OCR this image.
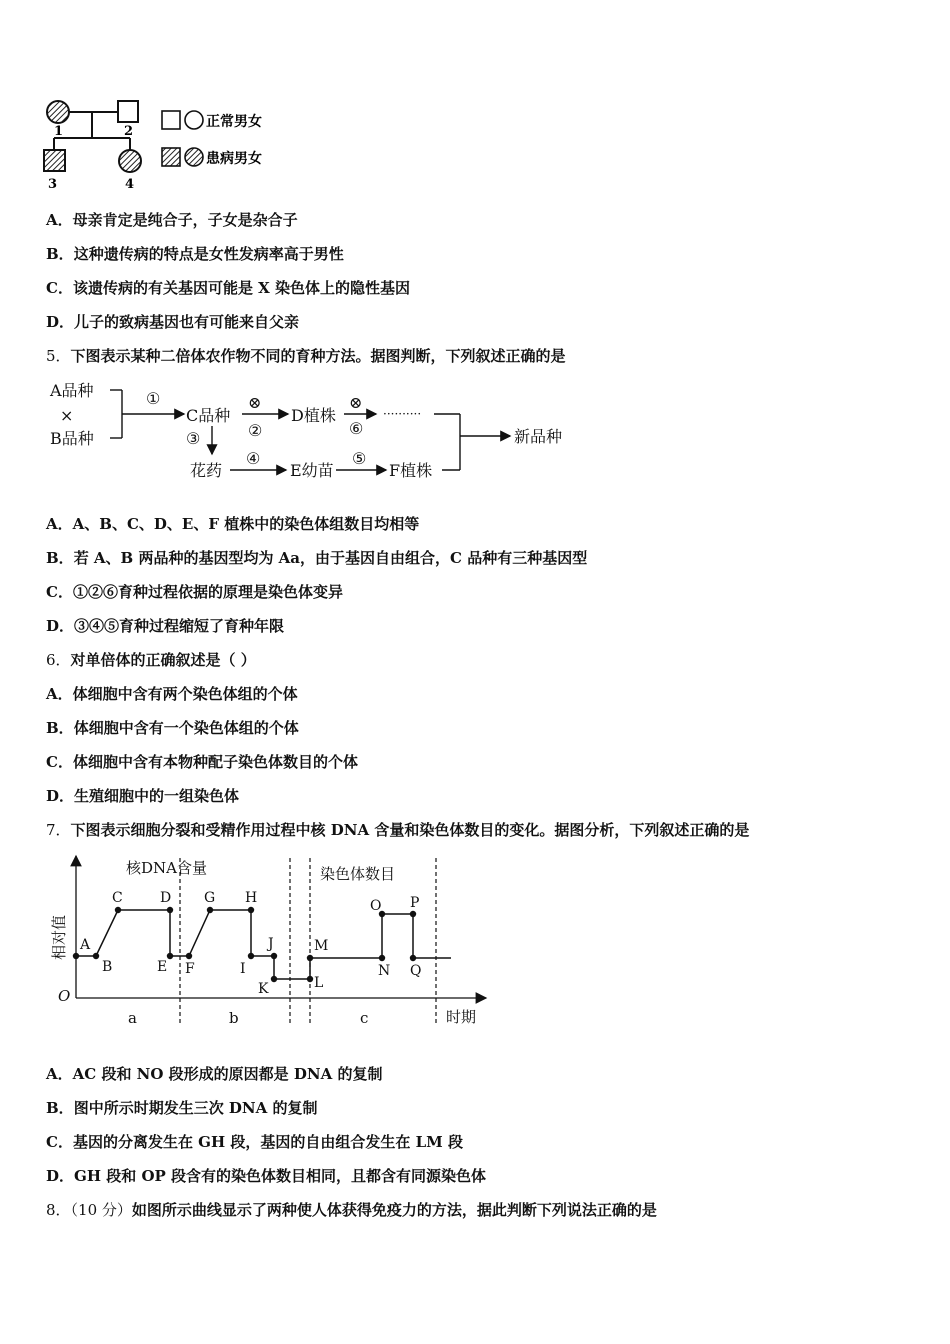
1	2
3	4
正常男女
患病男女
A．母亲肯定是纯合子，子女是杂合子
B．这种遗传病的特点是女性发病率高于男性
C．该遗传病的有关基因可能是 X 染色体上的隐性基因
D．儿子的致病基因也有可能来自父亲
5．下图表示某种二倍体农作物不同的育种方法。据图判断，下列叙述正确的是
A品种
×
B品种
C品种	D植株
花药	E幼苗	F植株
新品种
··········
①	⊗
②
⊗
⑥
③
④	⑤
A．A、B、C、D、E、F 植株中的染色体组数目均相等
B．若 A、B 两品种的基因型均为 Aa，由于基因自由组合，C 品种有三种基因型
C．①②⑥育种过程依据的原理是染色体变异
D．③④⑤育种过程缩短了育种年限
6．对单倍体的正确叙述是（ ）
A．体细胞中含有两个染色体组的个体
B．体细胞中含有一个染色体组的个体
C．体细胞中含有本物种配子染色体数目的个体
D．生殖细胞中的一组染色体
7．下图表示细胞分裂和受精作用过程中核 DNA 含量和染色体数目的变化。据图分析，下列叙述正确的是
核DNA含量	染色体数目
相对值
时期
O
a	b	c
A
B
C	D
E F
G H
I
J
K	L
M
N
O P
Q
A．AC 段和 NO 段形成的原因都是 DNA 的复制
B．图中所示时期发生三次 DNA 的复制
C．基因的分离发生在 GH 段，基因的自由组合发生在 LM 段
D．GH 段和 OP 段含有的染色体数目相同，且都含有同源染色体
8．（10 分）如图所示曲线显示了两种使人体获得免疫力的方法，据此判断下列说法正确的是
